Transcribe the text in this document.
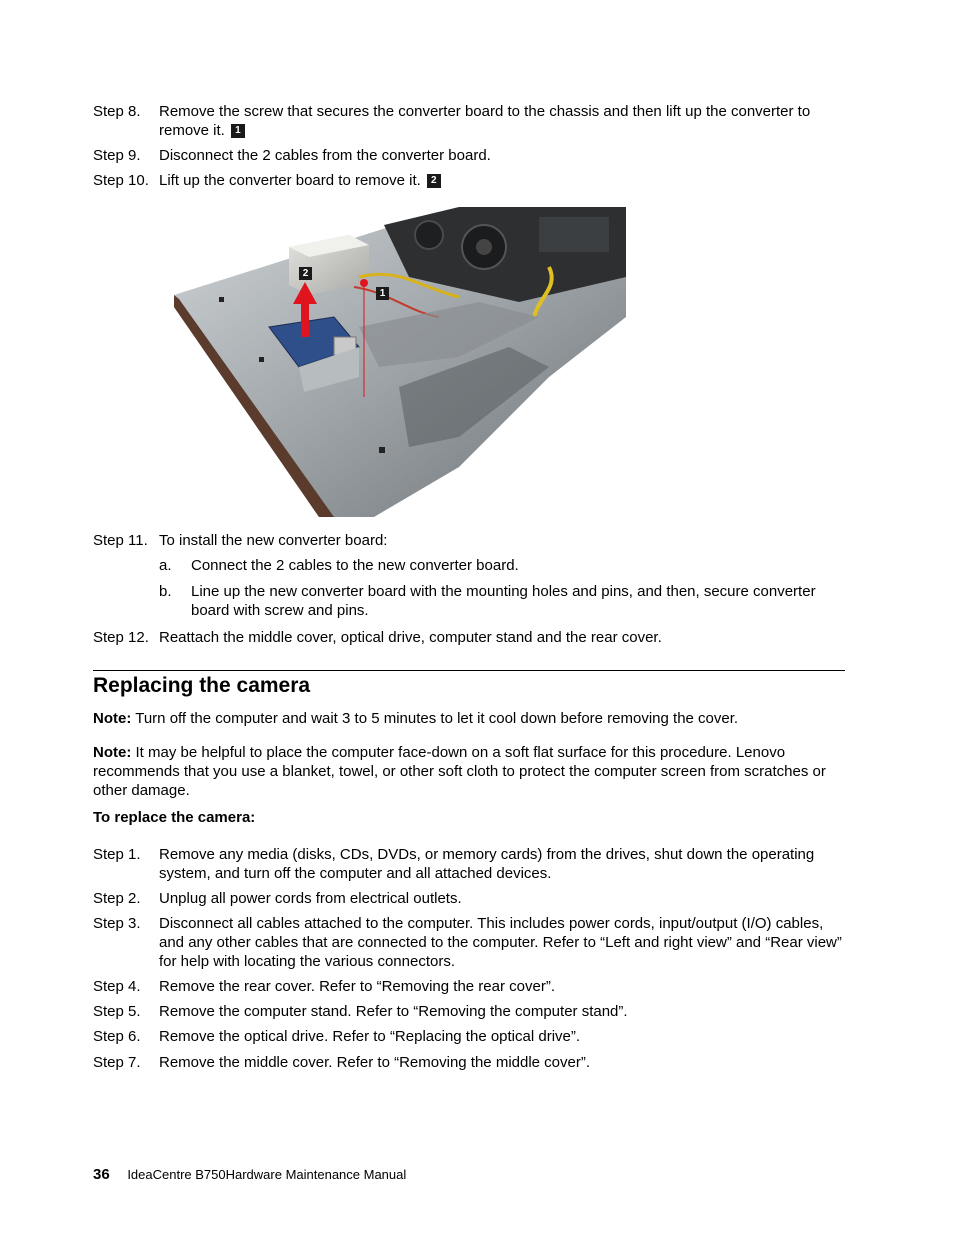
Step 8. Remove the screw that secures the converter board to the chassis and then lift up the converter to remove it. 1
Step 9. Disconnect the 2 cables from the converter board.
Step 10. Lift up the converter board to remove it. 2
2
1
Step 11. To install the new converter board:
a. Connect the 2 cables to the new converter board.
b. Line up the new converter board with the mounting holes and pins, and then, secure converter board with screw and pins.
Step 12. Reattach the middle cover, optical drive, computer stand and the rear cover.
Replacing the camera
Note: Turn off the computer and wait 3 to 5 minutes to let it cool down before removing the cover.
Note: It may be helpful to place the computer face-down on a soft flat surface for this procedure. Lenovo recommends that you use a blanket, towel, or other soft cloth to protect the computer screen from scratches or other damage.
To replace the camera:
Step 1. Remove any media (disks, CDs, DVDs, or memory cards) from the drives, shut down the operating system, and turn off the computer and all attached devices.
Step 2. Unplug all power cords from electrical outlets.
Step 3. Disconnect all cables attached to the computer. This includes power cords, input/output (I/O) cables, and any other cables that are connected to the computer. Refer to “Left and right view” and “Rear view” for help with locating the various connectors.
Step 4. Remove the rear cover. Refer to “Removing the rear cover”.
Step 5. Remove the computer stand. Refer to “Removing the computer stand”.
Step 6. Remove the optical drive. Refer to “Replacing the optical drive”.
Step 7. Remove the middle cover. Refer to “Removing the middle cover”.
36 IdeaCentre B750Hardware Maintenance Manual
